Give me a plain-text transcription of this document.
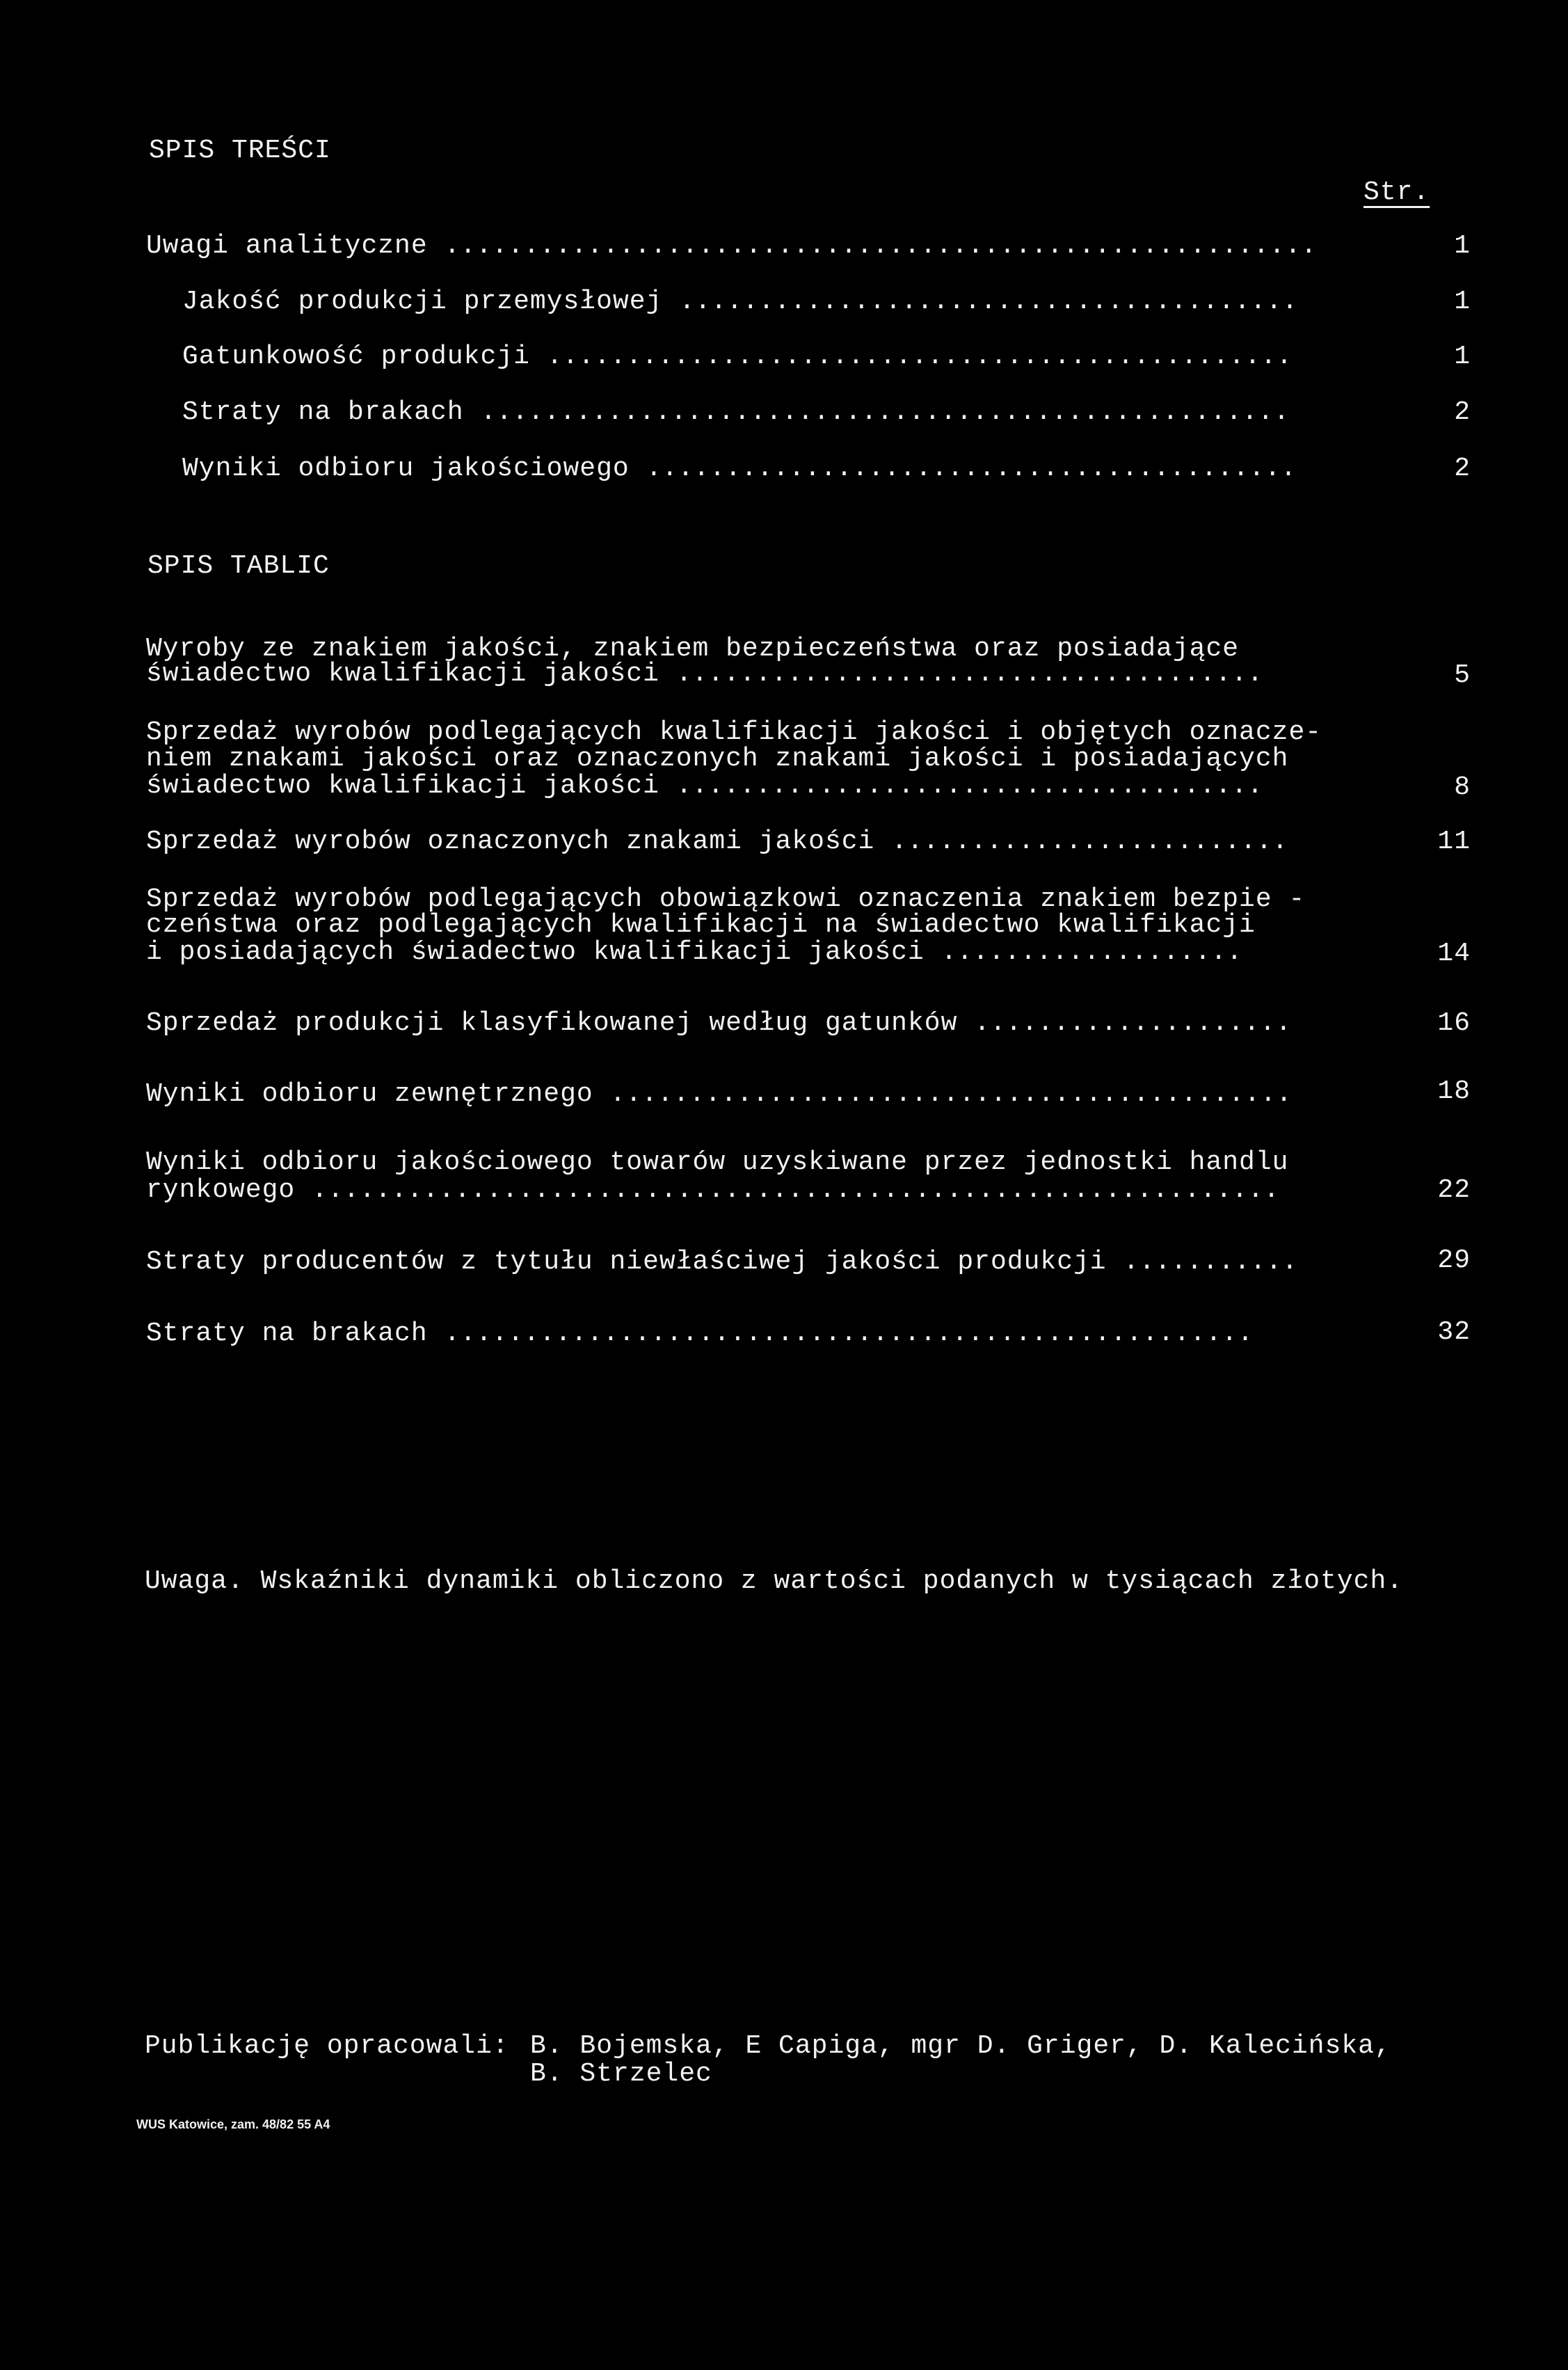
SPIS TREŚCI
Str.
Uwagi analityczne .......................................................	1
Jakość produkcji przemysłowej .......................................	1
Gatunkowość produkcji ...............................................	1
Straty na brakach ...................................................	2
Wyniki odbioru jakościowego .........................................	2
SPIS TABLIC
Wyroby ze znakiem jakości, znakiem bezpieczeństwa oraz posiadające
świadectwo kwalifikacji jakości .....................................	5
Sprzedaż wyrobów podlegających kwalifikacji jakości i objętych oznacze-
niem znakami jakości oraz oznaczonych znakami jakości i posiadających
świadectwo kwalifikacji jakości .....................................	8
Sprzedaż wyrobów oznaczonych znakami jakości .........................	11
Sprzedaż wyrobów podlegających obowiązkowi oznaczenia znakiem bezpie -
czeństwa oraz podlegających kwalifikacji na świadectwo kwalifikacji
i posiadających świadectwo kwalifikacji jakości ...................	14
Sprzedaż produkcji klasyfikowanej według gatunków ....................	16
Wyniki odbioru zewnętrznego ...........................................	18
Wyniki odbioru jakościowego towarów uzyskiwane przez jednostki handlu
rynkowego .............................................................	22
Straty producentów z tytułu niewłaściwej jakości produkcji ...........	29
Straty na brakach ...................................................	32
Uwaga. Wskaźniki dynamiki obliczono z wartości podanych w tysiącach złotych.
Publikację opracowali: B. Bojemska, E Capiga, mgr D. Griger, D. Kalecińska,
B. Strzelec
WUS Katowice, zam. 48/82 55 A4
